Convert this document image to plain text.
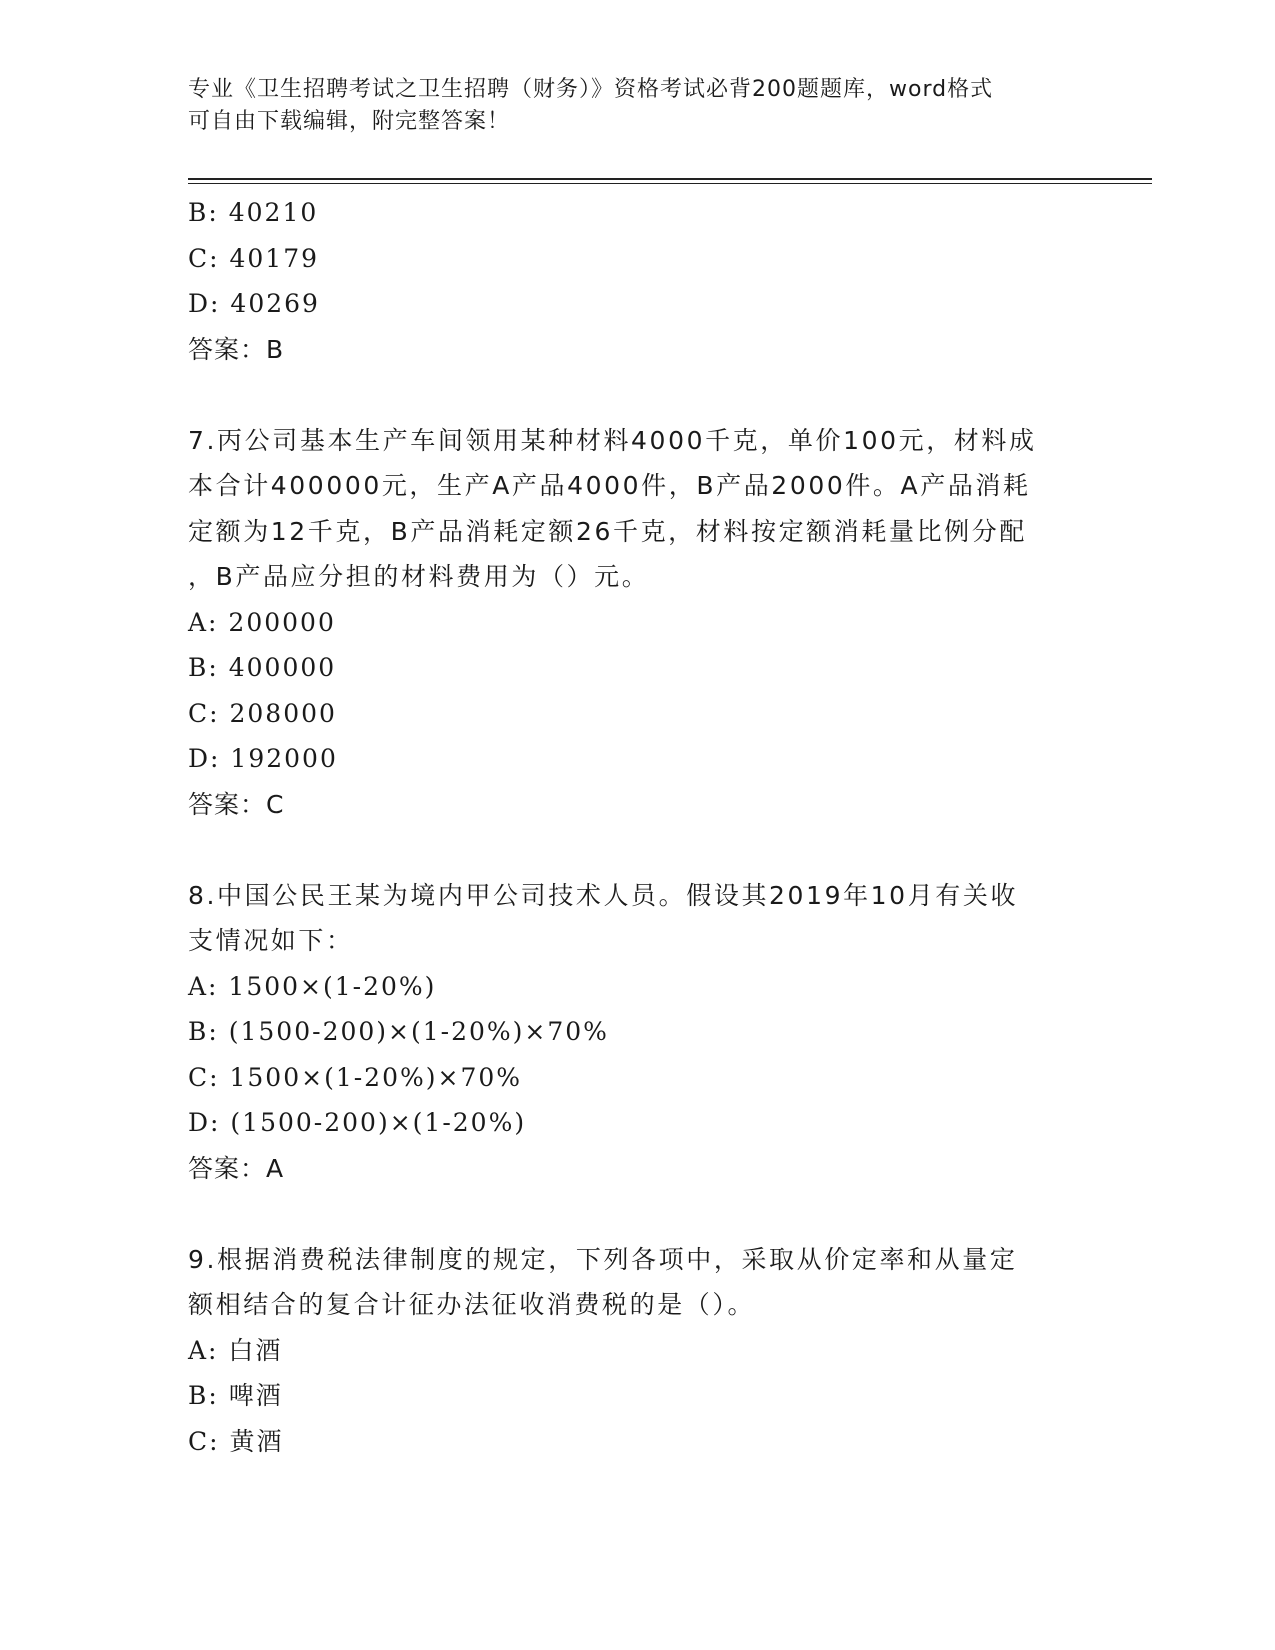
专业《卫生招聘考试之卫生招聘（财务）》资格考试必背200题题库，word格式
可自由下载编辑，附完整答案！
B: 40210
C: 40179
D: 40269
答案：B
7.丙公司基本生产车间领用某种材料4000千克，单价100元，材料成
本合计400000元，生产A产品4000件，B产品2000件。A产品消耗
定额为12千克，B产品消耗定额26千克，材料按定额消耗量比例分配
，B产品应分担的材料费用为（）元。
A: 200000
B: 400000
C: 208000
D: 192000
答案：C
8.中国公民王某为境内甲公司技术人员。假设其2019年10月有关收
支情况如下：
A: 1500×(1-20%)
B: (1500-200)×(1-20%)×70%
C: 1500×(1-20%)×70%
D: (1500-200)×(1-20%)
答案：A
9.根据消费税法律制度的规定，下列各项中，采取从价定率和从量定
额相结合的复合计征办法征收消费税的是（）。
A: 白酒
B: 啤酒
C: 黄酒
